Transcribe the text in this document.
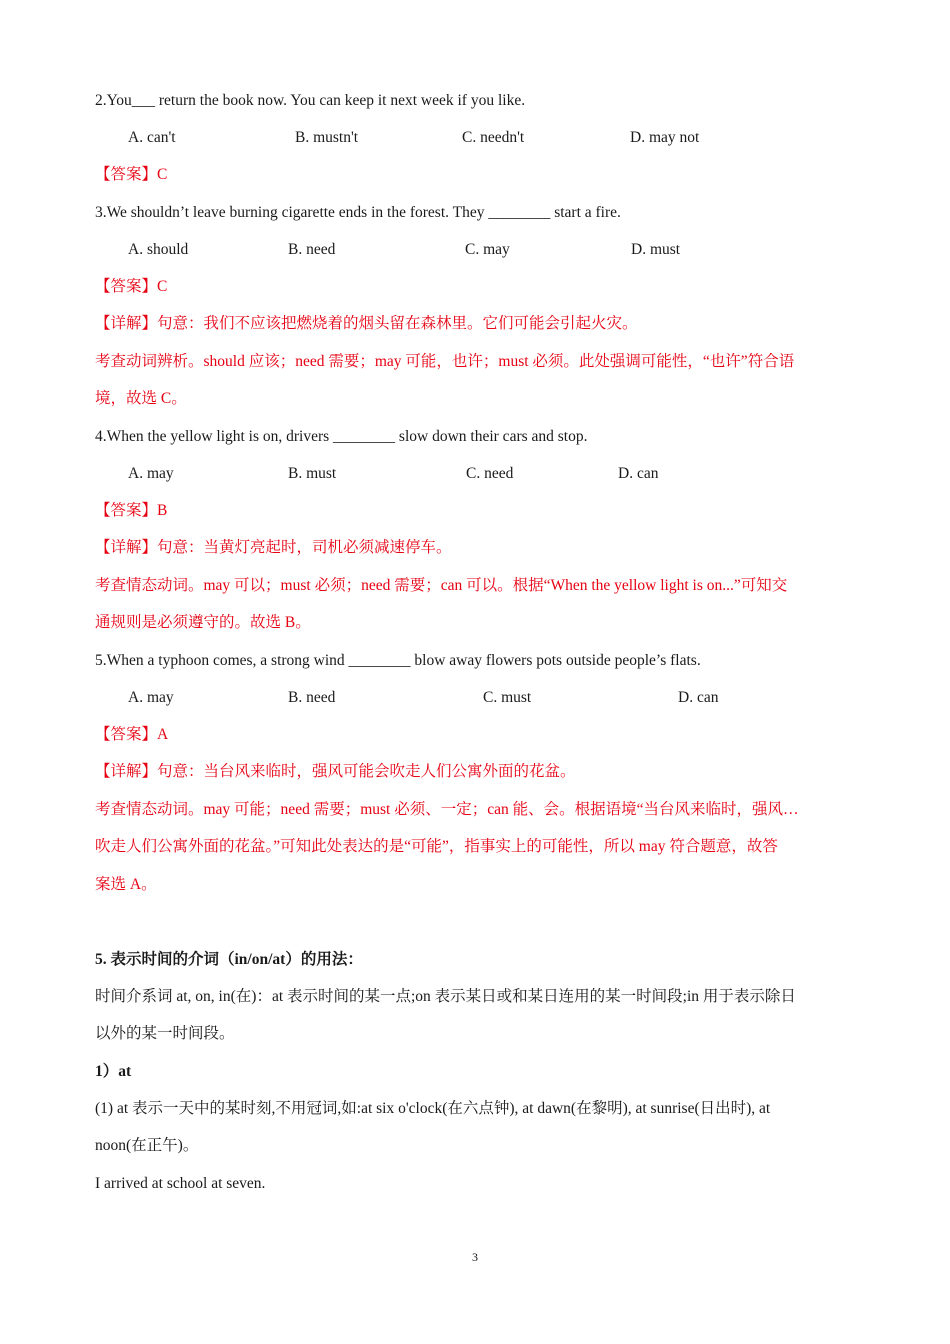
2.You___ return the book now. You can keep it next week if you like.
A. can't	B. mustn't	C. needn't	D. may not
【答案】C
3.We shouldn’t leave burning cigarette ends in the forest. They ________ start a fire.
A. should	B. need	C. may	D. must
【答案】C
【详解】句意：我们不应该把燃烧着的烟头留在森林里。它们可能会引起火灾。
考查动词辨析。should 应该；need 需要；may 可能，也许；must 必须。此处强调可能性，“也许”符合语
境，故选 C。
4.When the yellow light is on, drivers ________ slow down their cars and stop.
A. may	B. must	C. need	D. can
【答案】B
【详解】句意：当黄灯亮起时，司机必须减速停车。
考查情态动词。may 可以；must 必须；need 需要；can 可以。根据“When the yellow light is on...”可知交
通规则是必须遵守的。故选 B。
5.When a typhoon comes, a strong wind ________ blow away flowers pots outside people’s flats.
A. may	B. need	C. must	D. can
【答案】A
【详解】句意：当台风来临时，强风可能会吹走人们公寓外面的花盆。
考查情态动词。may 可能；need 需要；must 必须、一定；can 能、会。根据语境“当台风来临时，强风…
吹走人们公寓外面的花盆。”可知此处表达的是“可能”，指事实上的可能性，所以 may 符合题意，故答
案选 A。
5. 表示时间的介词（in/on/at）的用法：
时间介系词 at, on, in(在)：at 表示时间的某一点;on 表示某日或和某日连用的某一时间段;in 用于表示除日
以外的某一时间段。
1）at
(1) at 表示一天中的某时刻,不用冠词,如:at six o'clock(在六点钟), at dawn(在黎明), at sunrise(日出时), at
noon(在正午)。
I arrived at school at seven.
3
